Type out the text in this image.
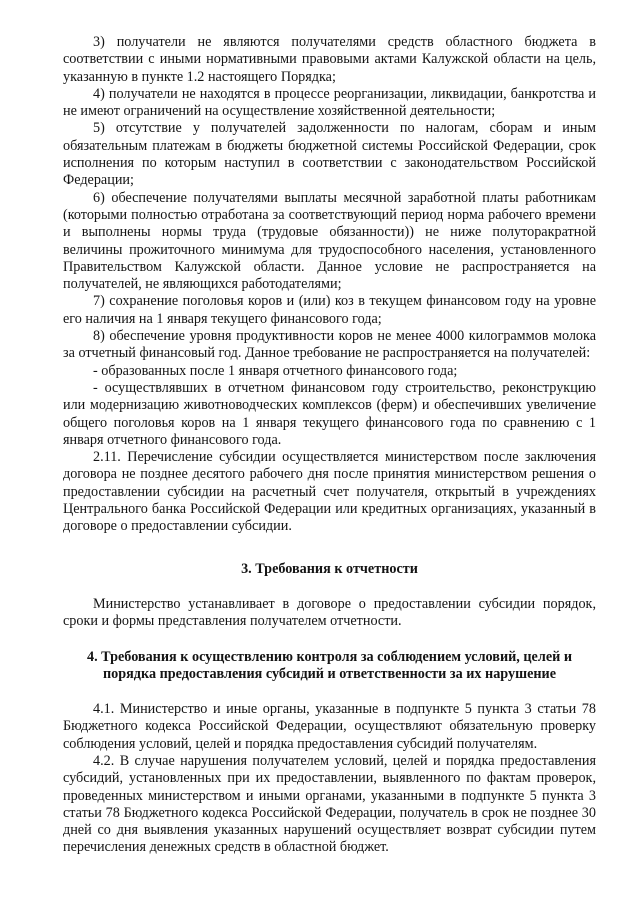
3) получатели не являются получателями средств областного бюджета в соответствии с иными нормативными правовыми актами Калужской области на цель, указанную в пункте 1.2 настоящего Порядка;

4) получатели не находятся в процессе реорганизации, ликвидации, банкротства и не имеют ограничений на осуществление хозяйственной деятельности;

5) отсутствие у получателей задолженности по налогам, сборам и иным обязательным платежам в бюджеты бюджетной системы Российской Федерации, срок исполнения по которым наступил в соответствии с законодательством Российской Федерации;

6) обеспечение получателями выплаты месячной заработной платы работникам (которыми полностью отработана за соответствующий период норма рабочего времени и выполнены нормы труда (трудовые обязанности)) не ниже полуторакратной величины прожиточного минимума для трудоспособного населения, установленного Правительством Калужской области. Данное условие не распространяется на получателей, не являющихся работодателями;

7) сохранение поголовья коров и (или) коз в текущем финансовом году на уровне его наличия на 1 января текущего финансового года;

8) обеспечение уровня продуктивности коров не менее 4000 килограммов молока за отчетный финансовый год. Данное требование не распространяется на получателей:

- образованных после 1 января отчетного финансового года;

- осуществлявших в отчетном финансовом году строительство, реконструкцию или модернизацию животноводческих комплексов (ферм) и обеспечивших увеличение общего поголовья коров на 1 января текущего финансового года по сравнению с 1 января отчетного финансового года.

2.11. Перечисление субсидии осуществляется министерством после заключения договора не позднее десятого рабочего дня после принятия министерством решения о предоставлении субсидии на расчетный счет получателя, открытый в учреждениях Центрального банка Российской Федерации или кредитных организациях, указанный в договоре о предоставлении субсидии.

3. Требования к отчетности

Министерство устанавливает в договоре о предоставлении субсидии порядок, сроки и формы представления получателем отчетности.

4. Требования к осуществлению контроля за соблюдением условий, целей и
порядка предоставления субсидий и ответственности за их нарушение

4.1. Министерство и иные органы, указанные в подпункте 5 пункта 3 статьи 78 Бюджетного кодекса Российской Федерации, осуществляют обязательную проверку соблюдения условий, целей и порядка предоставления субсидий получателям.

4.2. В случае нарушения получателем условий, целей и порядка предоставления субсидий, установленных при их предоставлении, выявленного по фактам проверок, проведенных министерством и иными органами, указанными в подпункте 5 пункта 3 статьи 78 Бюджетного кодекса Российской Федерации, получатель в срок не позднее 30 дней со дня выявления указанных нарушений осуществляет возврат субсидии путем перечисления денежных средств в областной бюджет.
